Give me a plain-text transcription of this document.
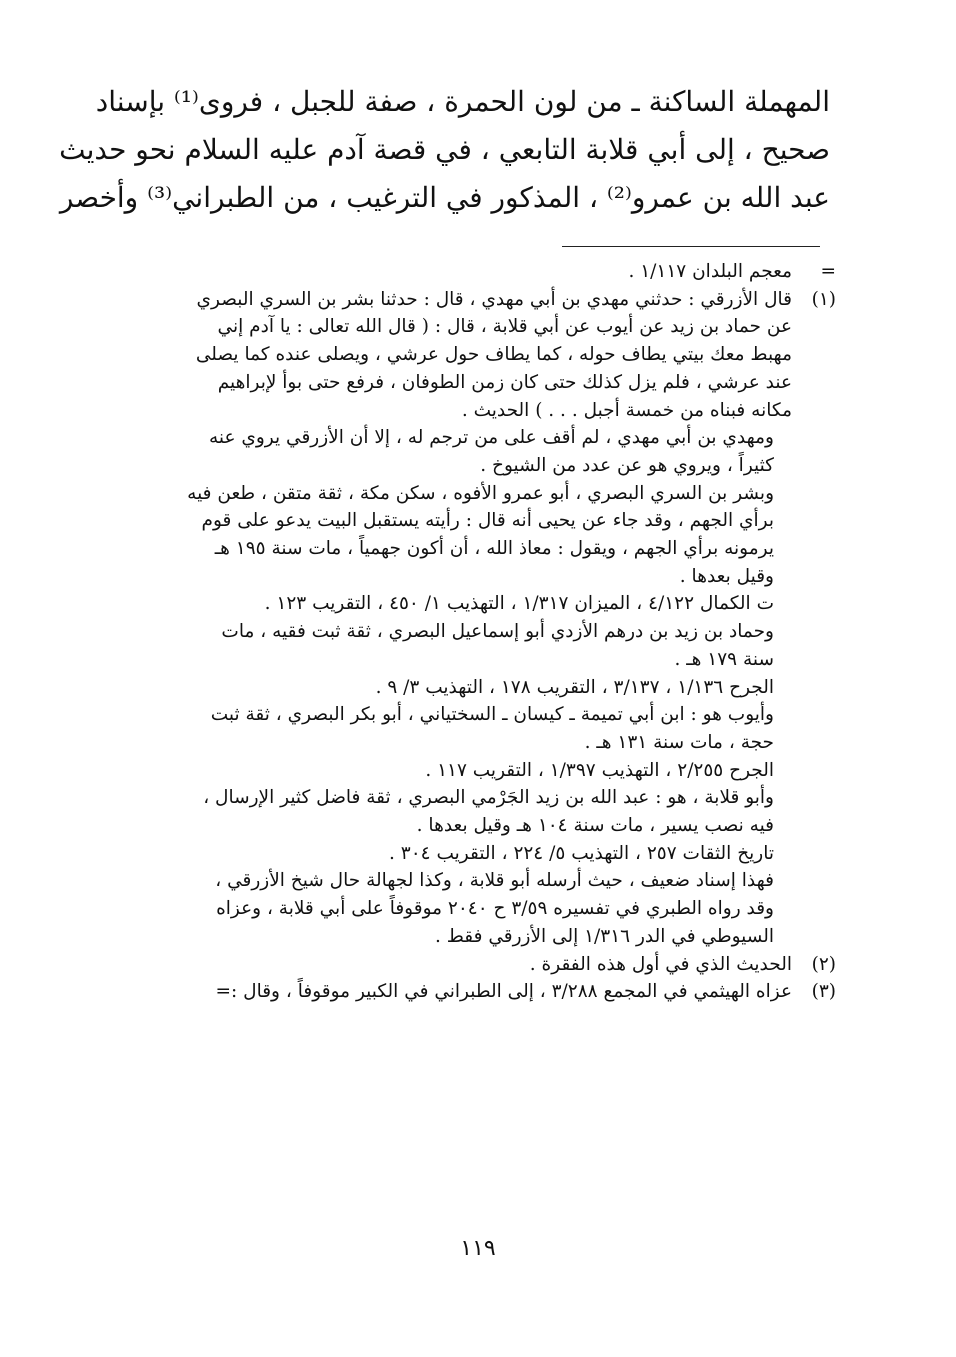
المهملة الساكنة ـ من لون الحمرة ، صفة للجبل ، فروى⁽¹⁾ بإسناد
صحيح ، إلى أبي قلابة التابعي ، في قصة آدم عليه السلام نحو حديث
عبد الله بن عمرو⁽²⁾ ، المذكور في الترغيب ، من الطبراني⁽³⁾ وأخصر
=
معجم البلدان ١/١١٧ .
(١)
قال الأزرقي : حدثني مهدي بن أبي مهدي ، قال : حدثنا بشر بن السري البصري
عن حماد بن زيد عن أيوب عن أبي قلابة ، قال : ( قال الله تعالى : يا آدم إني
مهبط معك بيتي يطاف حوله ، كما يطاف حول عرشي ، ويصلى عنده كما يصلى
عند عرشي ، فلم يزل كذلك حتى كان زمن الطوفان ، فرفع حتى بوأ لإبراهيم
مكانه فبناه من خمسة أجبل . . . ) الحديث .
ومهدي بن أبي مهدي ، لم أقف على من ترجم له ، إلا أن الأزرقي يروي عنه
كثيراً ، ويروي هو عن عدد من الشيوخ .
وبشر بن السري البصري ، أبو عمرو الأفوه ، سكن مكة ، ثقة متقن ، طعن فيه
برأي الجهم ، وقد جاء عن يحيى أنه قال : رأيته يستقبل البيت يدعو على قوم
يرمونه برأي الجهم ، ويقول : معاذ الله ، أن أكون جهمياً ، مات سنة ١٩٥ هـ
وقيل بعدها .
ت الكمال ٤/١٢٢ ، الميزان ١/٣١٧ ، التهذيب ١/ ٤٥٠ ، التقريب ١٢٣ .
وحماد بن زيد بن درهم الأزدي أبو إسماعيل البصري ، ثقة ثبت فقيه ، مات
سنة ١٧٩ هـ .
الجرح ١/١٣٦ ، ٣/١٣٧ ، التقريب ١٧٨ ، التهذيب ٣/ ٩ .
وأيوب هو : ابن أبي تميمة ـ كيسان ـ السختياني ، أبو بكر البصري ، ثقة ثبت
حجة ، مات سنة ١٣١ هـ .
الجرح ٢/٢٥٥ ، التهذيب ١/٣٩٧ ، التقريب ١١٧ .
وأبو قلابة ، هو : عبد الله بن زيد الجَرْمي البصري ، ثقة فاضل كثير الإرسال ،
فيه نصب يسير ، مات سنة ١٠٤ هـ وقيل بعدها .
تاريخ الثقات ٢٥٧ ، التهذيب ٥/ ٢٢٤ ، التقريب ٣٠٤ .
فهذا إسناد ضعيف ، حيث أرسله أبو قلابة ، وكذا لجهالة حال شيخ الأزرقي ،
وقد رواه الطبري في تفسيره ٣/٥٩ ح ٢٠٤٠ موقوفاً على أبي قلابة ، وعزاه
السيوطي في الدر ١/٣١٦ إلى الأزرقي فقط .
(٢)
الحديث الذي في أول هذه الفقرة .
(٣)
عزاه الهيثمي في المجمع ٣/٢٨٨ ، إلى الطبراني في الكبير موقوفاً ، وقال :=
١١٩
